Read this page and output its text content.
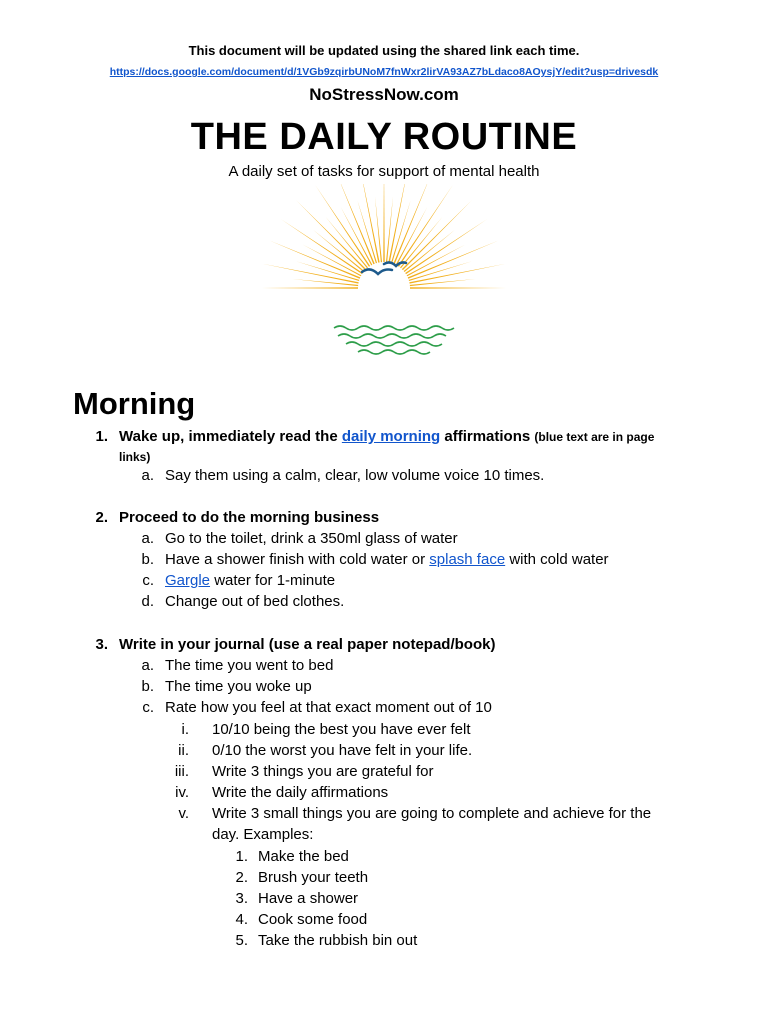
This document will be updated using the shared link each time.
https://docs.google.com/document/d/1VGb9zqirbUNoM7fnWxr2lirVA93AZ7bLdaco8AOysjY/edit?usp=drivesdk
NoStressNow.com
THE DAILY ROUTINE
A daily set of tasks for support of mental health
Morning
1. Wake up, immediately read the daily morning affirmations (blue text are in page
links)
a. Say them using a calm, clear, low volume voice 10 times.
2. Proceed to do the morning business
a. Go to the toilet, drink a 350ml glass of water
b. Have a shower finish with cold water or splash face with cold water
c. Gargle water for 1-minute
d. Change out of bed clothes.
3. Write in your journal (use a real paper notepad/book)
a. The time you went to bed
b. The time you woke up
c. Rate how you feel at that exact moment out of 10
i. 10/10 being the best you have ever felt
ii. 0/10 the worst you have felt in your life.
iii. Write 3 things you are grateful for
iv. Write the daily affirmations
v. Write 3 small things you are going to complete and achieve for the
day. Examples:
1. Make the bed
2. Brush your teeth
3. Have a shower
4. Cook some food
5. Take the rubbish bin out
